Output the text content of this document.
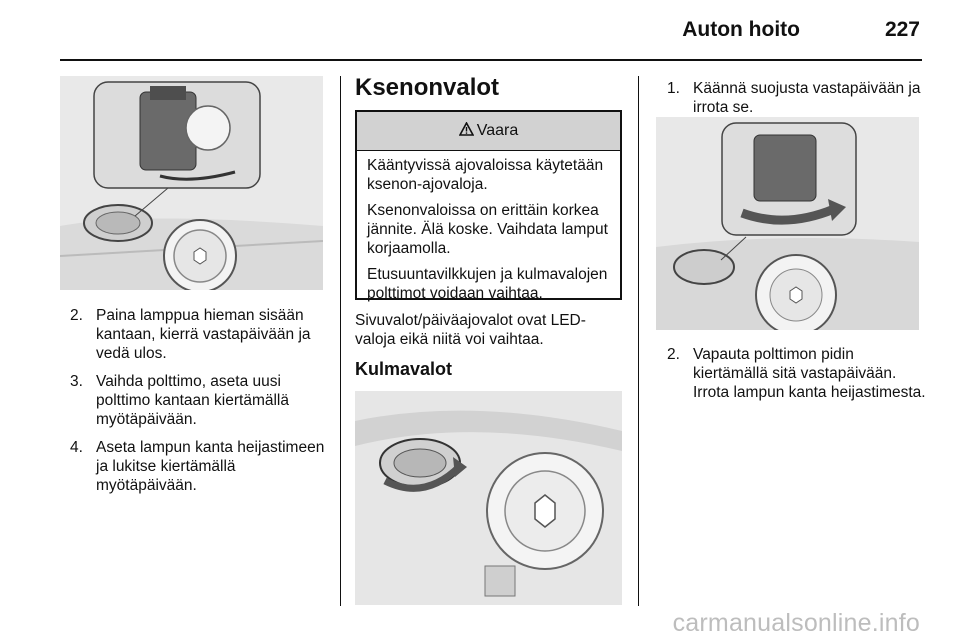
Auton hoito	227
2. Paina lamppua hieman sisään kantaan, kierrä vastapäivään ja vedä ulos.
3. Vaihda polttimo, aseta uusi polttimo kantaan kiertämällä myötäpäivään.
4. Aseta lampun kanta heijastimeen ja lukitse kiertämällä myötäpäivään.
Ksenonvalot
Vaara

Kääntyvissä ajovaloissa käytetään ksenon-ajovaloja.

Ksenonvaloissa on erittäin korkea jännite. Älä koske. Vaihdata lamput korjaamolla.

Etusuuntavilkkujen ja kulmavalojen polttimot voidaan vaihtaa.

Sivuvalot/päiväajovalot ovat LED-valoja eikä niitä voi vaihtaa.

Kulmavalot
1. Käännä suojusta vastapäivään ja irrota se.
2. Vapauta polttimon pidin kiertämällä sitä vastapäivään. Irrota lampun kanta heijastimesta.
carmanualsonline.info
